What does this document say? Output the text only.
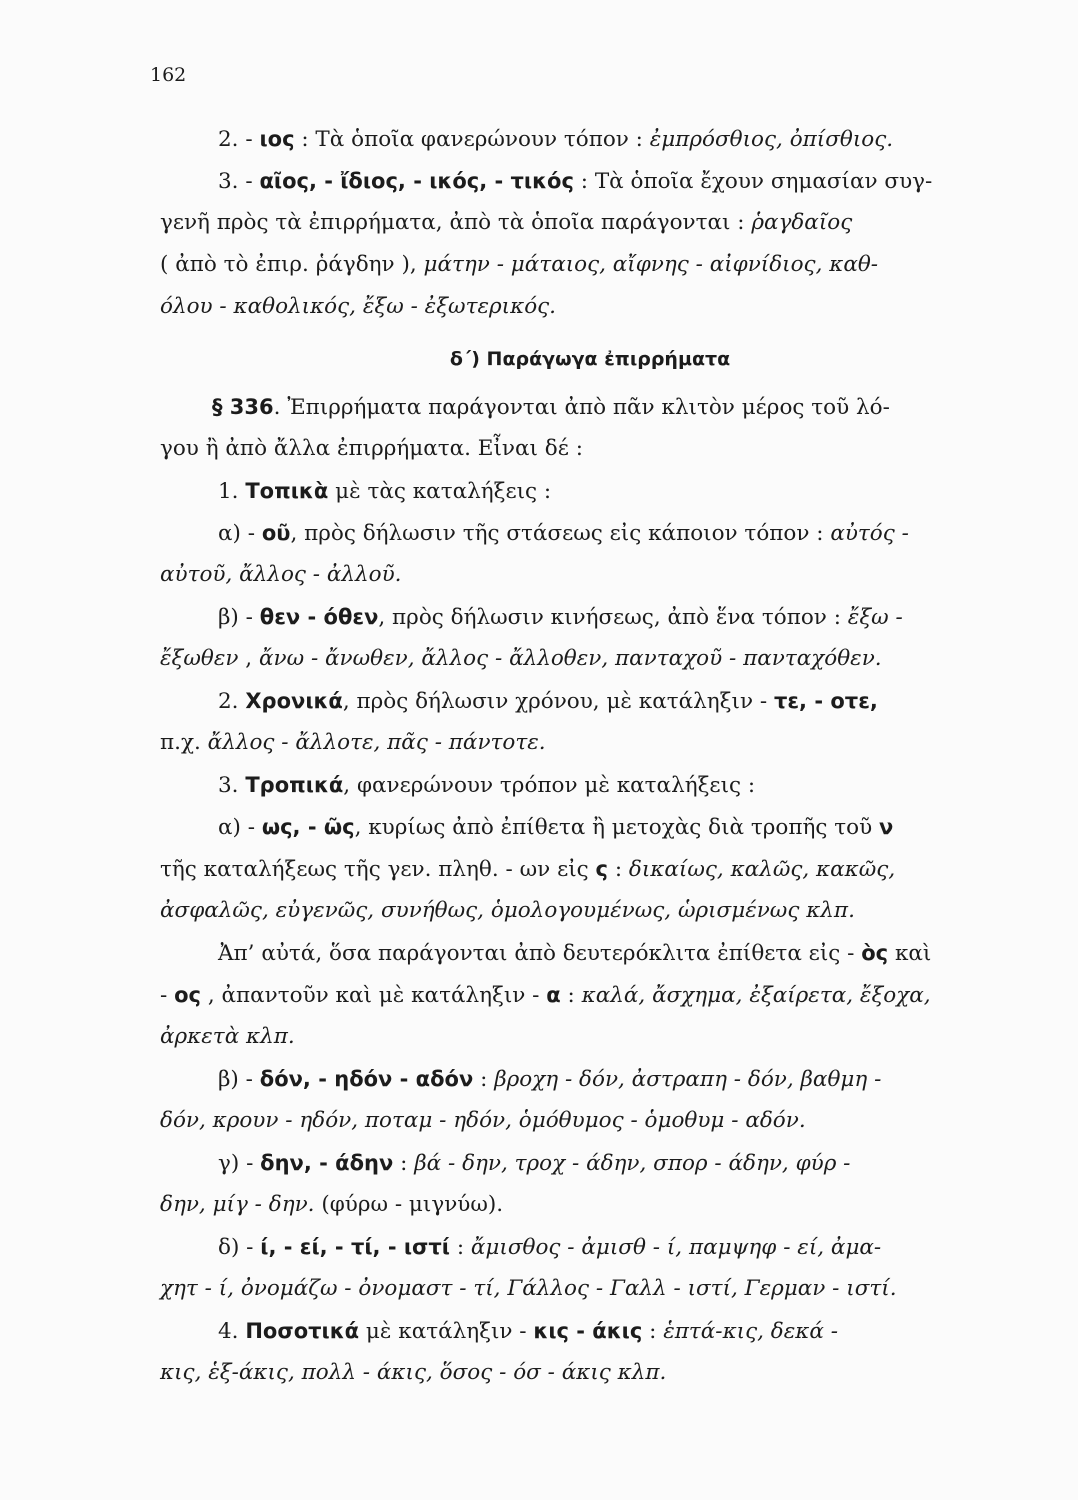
162
2. - ιος : Τὰ ὁποῖα φανερώνουν τόπον : ἐμπρόσθιος, ὀπίσθιος.
3. - αῖος, - ἴδιος, - ικός, - τικός : Τὰ ὁποῖα ἔχουν σημασίαν συγ-
γενῆ πρὸς τὰ ἐπιρρήματα, ἀπὸ τὰ ὁποῖα παράγονται : ῥαγδαῖος
( ἀπὸ τὸ ἐπιρ. ῥάγδην ), μάτην - μάταιος, αἴφνης - αἰφνίδιος, καθ-
όλου - καθολικός, ἔξω - ἐξωτερικός.
δ΄) Παράγωγα ἐπιρρήματα
§ 336. Ἐπιρρήματα παράγονται ἀπὸ πᾶν κλιτὸν μέρος τοῦ λό-
γου ἢ ἀπὸ ἄλλα ἐπιρρήματα. Εἶναι δέ :
1. Τοπικὰ μὲ τὰς καταλήξεις :
α) - οῦ, πρὸς δήλωσιν τῆς στάσεως εἰς κάποιον τόπον : αὐτός -
αὐτοῦ, ἄλλος - ἀλλοῦ.
β) - θεν - όθεν, πρὸς δήλωσιν κινήσεως, ἀπὸ ἕνα τόπον : ἔξω -
ἔξωθεν , ἄνω - ἄνωθεν, ἄλλος - ἄλλοθεν, πανταχοῦ - πανταχόθεν.
2. Χρονικά, πρὸς δήλωσιν χρόνου, μὲ κατάληξιν - τε, - οτε,
π.χ. ἄλλος - ἄλλοτε, πᾶς - πάντοτε.
3. Τροπικά, φανερώνουν τρόπον μὲ καταλήξεις :
α) - ως, - ῶς, κυρίως ἀπὸ ἐπίθετα ἢ μετοχὰς διὰ τροπῆς τοῦ ν
τῆς καταλήξεως τῆς γεν. πληθ. - ων εἰς ς : δικαίως, καλῶς, κακῶς,
ἀσφαλῶς, εὐγενῶς, συνήθως, ὁμολογουμένως, ὡρισμένως κλπ.
Ἀπ’ αὐτά, ὅσα παράγονται ἀπὸ δευτερόκλιτα ἐπίθετα εἰς - ὸς καὶ
- ος , ἀπαντοῦν καὶ μὲ κατάληξιν - α : καλά, ἄσχημα, ἐξαίρετα, ἔξοχα,
ἀρκετὰ κλπ.
β) - δόν, - ηδόν - αδόν : βροχη - δόν, ἀστραπη - δόν, βαθμη -
δόν, κρουν - ηδόν, ποταμ - ηδόν, ὁμόθυμος - ὁμοθυμ - αδόν.
γ) - δην, - άδην : βά - δην, τροχ - άδην, σπορ - άδην, φύρ -
δην, μίγ - δην. (φύρω - μιγνύω).
δ) - ί, - εί, - τί, - ιστί : ἄμισθος - ἀμισθ - ί, παμψηφ - εί, ἀμα-
χητ - ί, ὀνομάζω - ὀνομαστ - τί, Γάλλος - Γαλλ - ιστί, Γερμαν - ιστί.
4. Ποσοτικά μὲ κατάληξιν - κις - άκις : ἑπτά-κις, δεκά -
κις, ἑξ-άκις, πολλ - άκις, ὅσος - όσ - άκις κλπ.
